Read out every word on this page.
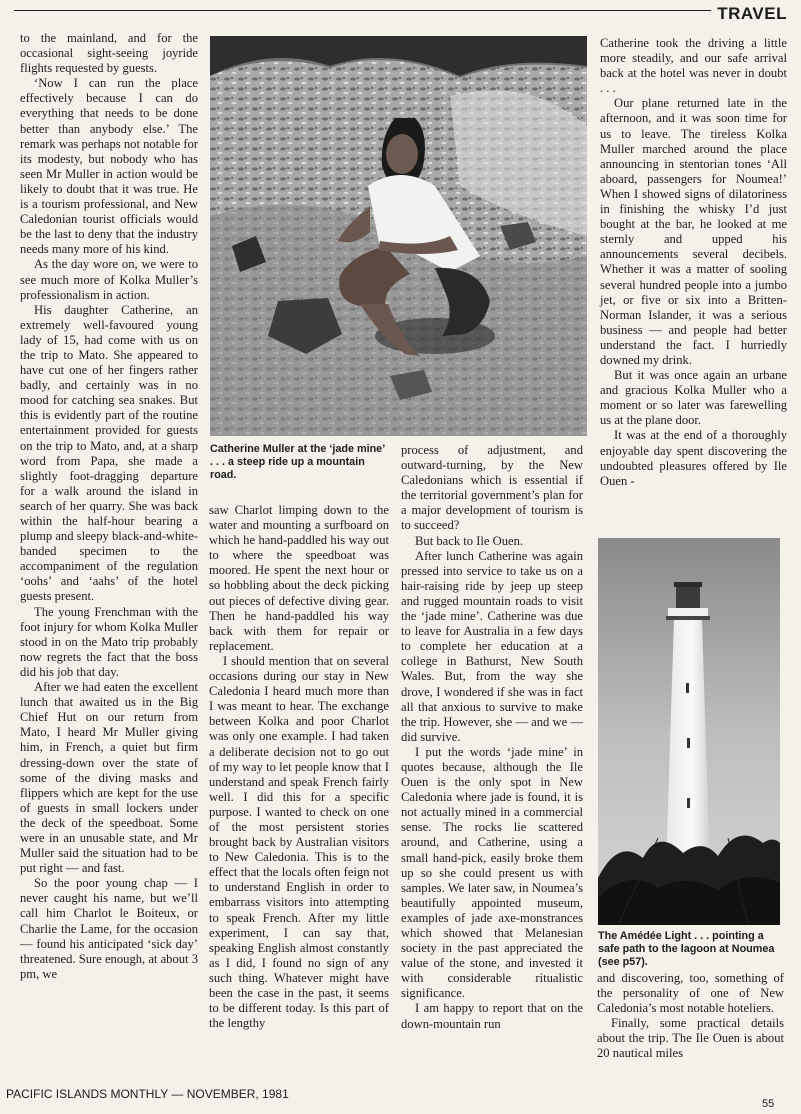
TRAVEL

to the mainland, and for the occasional sight-seeing joyride flights requested by guests.

‘Now I can run the place effectively because I can do everything that needs to be done better than anybody else.’ The remark was perhaps not notable for its modesty, but nobody who has seen Mr Muller in action would be likely to doubt that it was true. He is a tourism professional, and New Caledonian tourist officials would be the last to deny that the industry needs many more of his kind.

As the day wore on, we were to see much more of Kolka Muller’s professionalism in action.

His daughter Catherine, an extremely well-favoured young lady of 15, had come with us on the trip to Mato. She appeared to have cut one of her fingers rather badly, and certainly was in no mood for catching sea snakes. But this is evidently part of the routine entertainment provided for guests on the trip to Mato, and, at a sharp word from Papa, she made a slightly foot-dragging departure for a walk around the island in search of her quarry. She was back within the half-hour bearing a plump and sleepy black-and-white-banded specimen to the accompaniment of the regulation ‘oohs’ and ‘aahs’ of the hotel guests present.

The young Frenchman with the foot injury for whom Kolka Muller stood in on the Mato trip probably now regrets the fact that the boss did his job that day.

After we had eaten the excellent lunch that awaited us in the Big Chief Hut on our return from Mato, I heard Mr Muller giving him, in French, a quiet but firm dressing-down over the state of some of the diving masks and flippers which are kept for the use of guests in small lockers under the deck of the speedboat. Some were in an unusable state, and Mr Muller said the situation had to be put right — and fast.

So the poor young chap — I never caught his name, but we’ll call him Charlot le Boiteux, or Charlie the Lame, for the occasion — found his anticipated ‘sick day’ threatened. Sure enough, at about 3 pm, we

Catherine Muller at the ‘jade mine’ . . . a steep ride up a mountain road.

saw Charlot limping down to the water and mounting a surfboard on which he hand-paddled his way out to where the speedboat was moored. He spent the next hour or so hobbling about the deck picking out pieces of defective diving gear. Then he hand-paddled his way back with them for repair or replacement.

I should mention that on several occasions during our stay in New Caledonia I heard much more than I was meant to hear. The exchange between Kolka and poor Charlot was only one example. I had taken a deliberate decision not to go out of my way to let people know that I understand and speak French fairly well. I did this for a specific purpose. I wanted to check on one of the most persistent stories brought back by Australian visitors to New Caledonia. This is to the effect that the locals often feign not to understand English in order to embarrass visitors into attempting to speak French. After my little experiment, I can say that, speaking English almost constantly as I did, I found no sign of any such thing. Whatever might have been the case in the past, it seems to be different today. Is this part of the lengthy

process of adjustment, and outward-turning, by the New Caledonians which is essential if the territorial government’s plan for a major development of tourism is to succeed?

But back to Ile Ouen.

After lunch Catherine was again pressed into service to take us on a hair-raising ride by jeep up steep and rugged mountain roads to visit the ‘jade mine’. Catherine was due to leave for Australia in a few days to complete her education at a college in Bathurst, New South Wales. But, from the way she drove, I wondered if she was in fact all that anxious to survive to make the trip. However, she — and we — did survive.

I put the words ‘jade mine’ in quotes because, although the Ile Ouen is the only spot in New Caledonia where jade is found, it is not actually mined in a commercial sense. The rocks lie scattered around, and Catherine, using a small hand-pick, easily broke them up so she could present us with samples. We later saw, in Noumea’s beautifully appointed museum, examples of jade axe-monstrances which showed that Melanesian society in the past appreciated the value of the stone, and invested it with considerable ritualistic significance.

I am happy to report that on the down-mountain run

Catherine took the driving a little more steadily, and our safe arrival back at the hotel was never in doubt . . .

Our plane returned late in the afternoon, and it was soon time for us to leave. The tireless Kolka Muller marched around the place announcing in stentorian tones ‘All aboard, passengers for Noumea!’ When I showed signs of dilatoriness in finishing the whisky I’d just bought at the bar, he looked at me sternly and upped his announcements several decibels. Whether it was a matter of sooling several hundred people into a jumbo jet, or five or six into a Britten-Norman Islander, it was a serious business — and people had better understand the fact. I hurriedly downed my drink.

But it was once again an urbane and gracious Kolka Muller who a moment or so later was farewelling us at the plane door.

It was at the end of a thoroughly enjoyable day spent discovering the undoubted pleasures offered by Ile Ouen -

The Amédée Light . . . pointing a safe path to the lagoon at Noumea (see p57).

and discovering, too, something of the personality of one of New Caledonia’s most notable hoteliers.

Finally, some practical details about the trip. The Ile Ouen is about 20 nautical miles

PACIFIC ISLANDS MONTHLY — NOVEMBER, 1981
55
